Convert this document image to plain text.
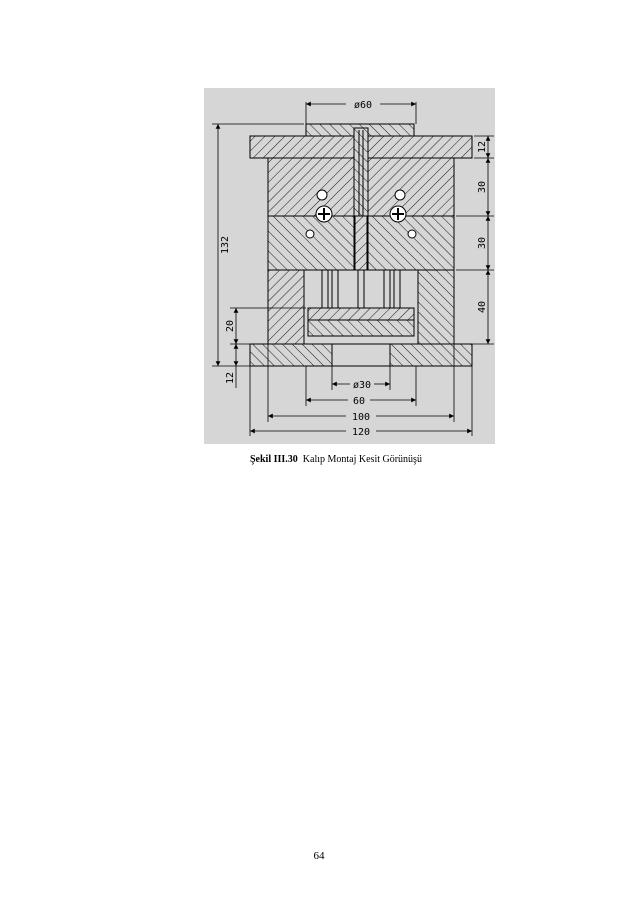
ø60
12
30
30
40
132
20
12
ø30
60
100
120
Şekil III.30 Kalıp Montaj Kesit Görünüşü
64
